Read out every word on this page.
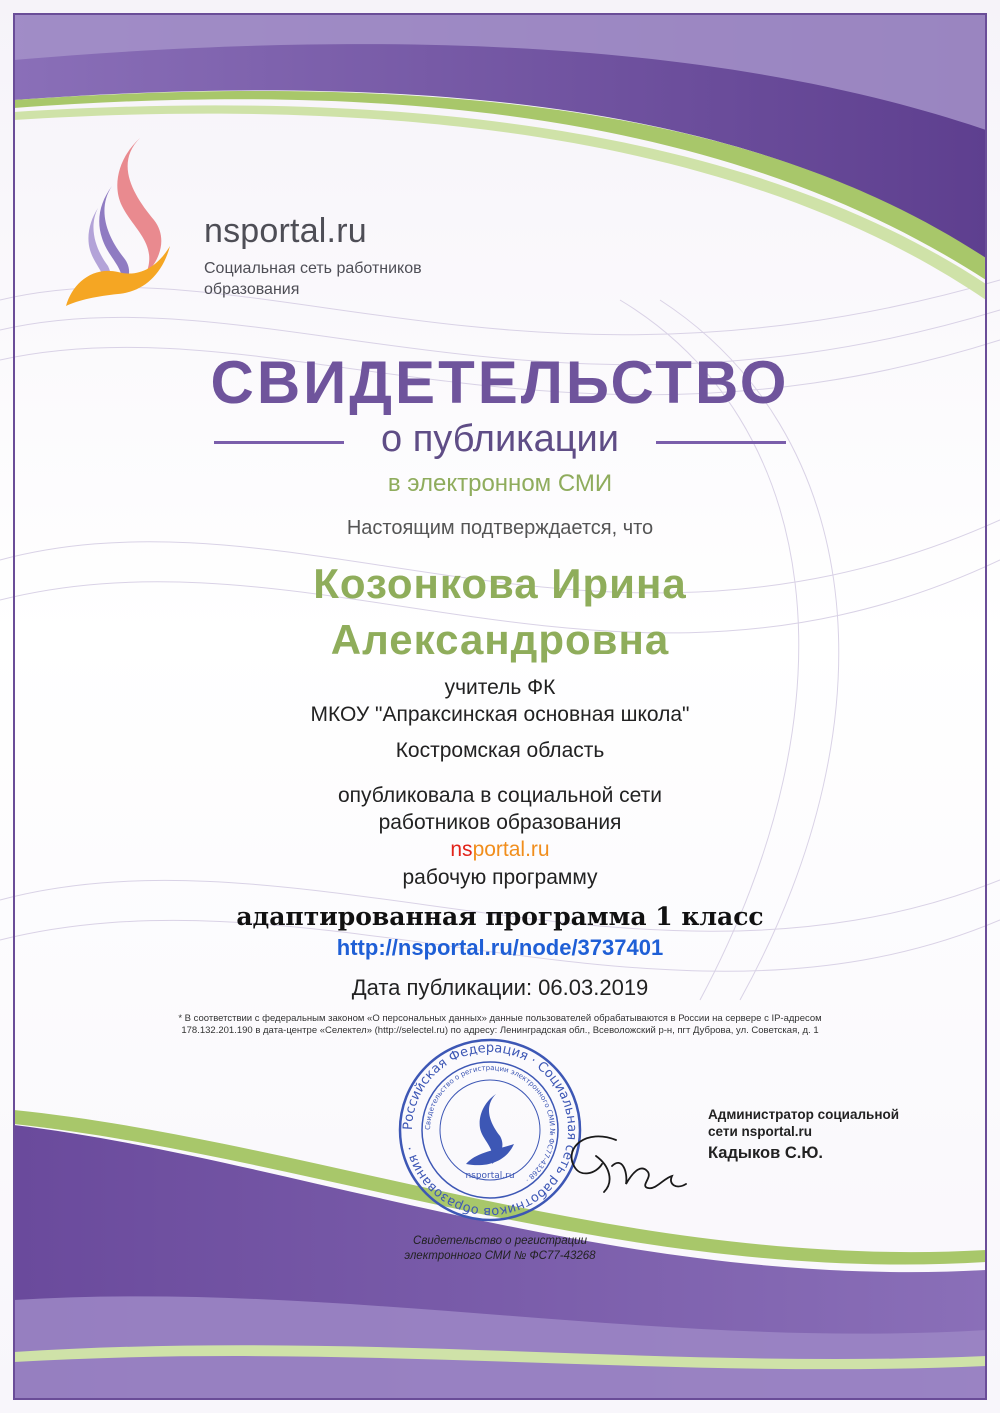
nsportal.ru
Социальная сеть работников
образования
СВИДЕТЕЛЬСТВО
о публикации
в электронном СМИ
Настоящим подтверждается, что
Козонкова Ирина
Александровна
учитель ФК
МКОУ "Апраксинская основная школа"
Костромская область
опубликовала в социальной сети
работников образования
nsportal.ru
рабочую программу
адаптированная программа 1 класс
http://nsportal.ru/node/3737401
Дата публикации: 06.03.2019
* В соответствии с федеральным законом «О персональных данных» данные пользователей обрабатываются в России на сервере с IP-адресом
178.132.201.190 в дата-центре «Селектел» (http://selectel.ru) по адресу: Ленинградская обл., Всеволожский р-н, пгт Дуброва, ул. Советская, д. 1
Российская Федерация · Социальная сеть работников образования ·
Свидетельство о регистрации электронного СМИ № ФС77-43268 ·
nsportal.ru
Администратор социальной
сети nsportal.ru
Кадыков С.Ю.
Свидетельство о регистрации
электронного СМИ № ФС77-43268
